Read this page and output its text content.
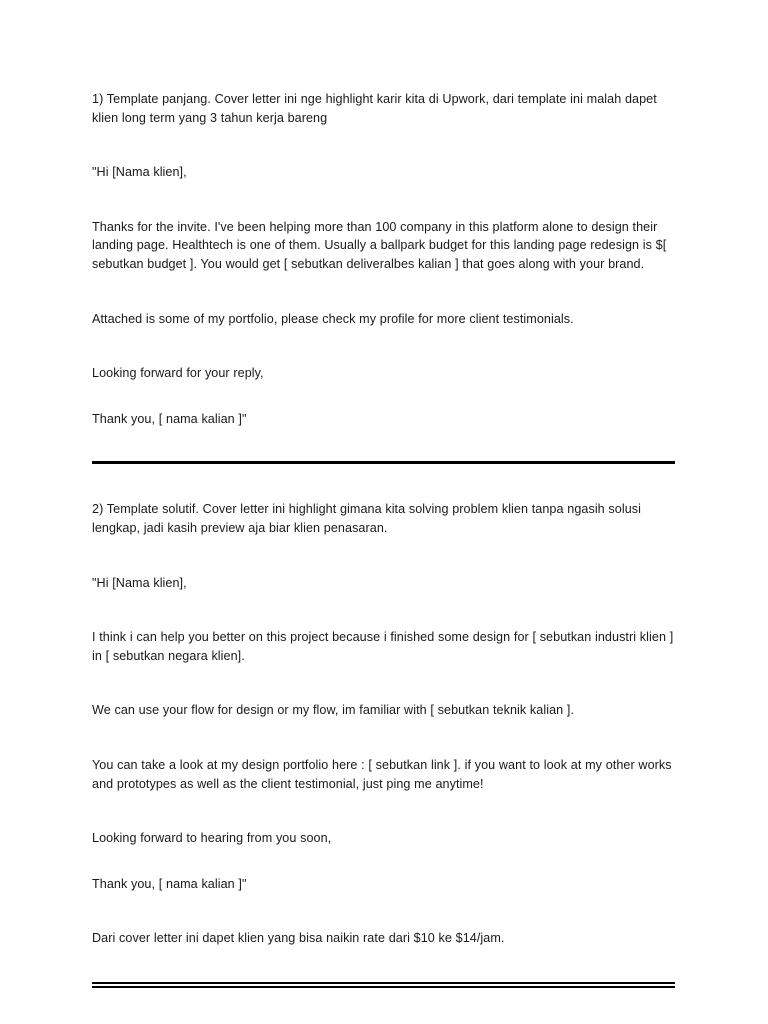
1) Template panjang. Cover letter ini nge highlight karir kita di Upwork, dari template ini malah dapet klien long term yang 3 tahun kerja bareng

"Hi [Nama klien],

Thanks for the invite. I've been helping more than 100 company in this platform alone to design their landing page. Healthtech is one of them. Usually a ballpark budget for this landing page redesign is $[ sebutkan budget ]. You would get [ sebutkan deliveralbes kalian ] that goes along with your brand.

Attached is some of my portfolio, please check my profile for more client testimonials.

Looking forward for your reply,

Thank you, [ nama kalian ]"

2) Template solutif. Cover letter ini highlight gimana kita solving problem klien tanpa ngasih solusi lengkap, jadi kasih preview aja biar klien penasaran.

"Hi [Nama klien],

I think i can help you better on this project because i finished some design for [ sebutkan industri klien ] in [ sebutkan negara klien].

We can use your flow for design or my flow, im familiar with [ sebutkan teknik kalian ].

You can take a look at my design portfolio here : [ sebutkan link ]. if you want to look at my other works and prototypes as well as the client testimonial, just ping me anytime!

Looking forward to hearing from you soon,

Thank you, [ nama kalian ]"

Dari cover letter ini dapet klien yang bisa naikin rate dari $10 ke $14/jam.
